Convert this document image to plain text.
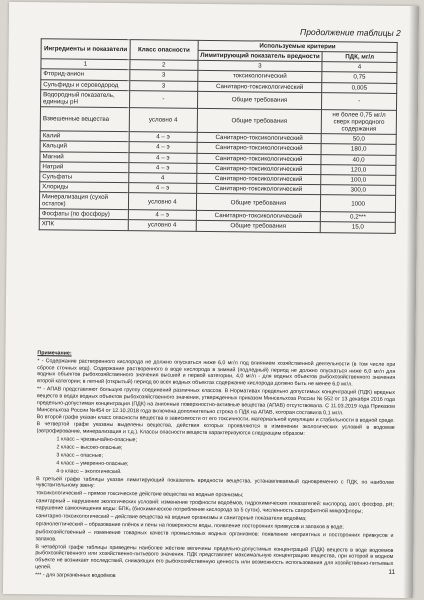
Продолжение таблицы 2
Ингредиенты и показатели	Класс опасности	Используемые критерии	
		Лимитирующий показатель вредности	ПДК, мг/л
1	2	3	4
Фторид-анион	3	токсикологический	0,75
Сульфиды и сероводород	3	Санитарно-токсикологический	0,005
Водородный показатель, единицы pH	-	Общие требования	-
Взвешенные вещества	условно 4	Общие требования	не более 0,75 мг/л сверх природного содержания
Калий	4 – э	Санитарно-токсикологический	50,0
Кальций	4 – э	Санитарно-токсикологический	180,0
Магний	4 – э	Санитарно-токсикологический	40,0
Натрий	4 – э	Санитарно-токсикологический	120,0
Сульфаты	4	Санитарно-токсикологический	100,0
Хлориды	4 – э	Санитарно-токсикологический	300,0
Минерализация (сухой остаток)	условно 4	Общие требования	1000
Фосфаты (по фосфору)	4 – э	Санитарно-токсикологический	0,2***
ХПК	условно 4	Общие требования	15,0

Примечание:

* - Содержание растворенного кислорода не должно опускаться ниже 6,0 мг/л под влиянием хозяйственной деятельности (в том числе при сбросе сточных вод). Содержание растворенного в воде кислорода в зимний (подледный) период не должно опускаться ниже 6,0 мг/л для водных объектов рыбохозяйственного значения высшей и первой категории, 4,0 мг/л - для водных объектов рыбохозяйственного значения второй категории; в летний (открытый) период во всех водных объектах содержание кислорода должно быть не менее 6,0 мг/л.

** - АПАВ представляют большую группу соединений различных классов. В Нормативах предельно допустимых концентраций (ПДК) вредных веществ в водах водных объектов рыбохозяйственного значения, утвержденных приказом Минсельхоза России № 552 от 13 декабря 2016 года предельно-допустимая концентрация (ПДК) на анионные поверхностно-активные вещества (АПАВ) отсутствовала. С 11.03.2019 года Приказом Минсельхоза России №454 от 12.10.2018 года включена дополнительно строка о ПДК на АПАВ, которая составила 0,1 мг/л.

Во второй графе указан класс опасности вещества в зависимости от его токсичности, материальной кумуляции и стабильности в водной среде. В четвертой графе указаны выделены вещества, действия которых проявляются в изменении экологических условий в водоеме (эвтрофирование, минерализация и т.д.). Классы опасности веществ характеризуются следующим образом:

1 класс – чрезвычайно-опасные;

2 класс – высоко-опасные;

3 класс – опасные;

4 класс – умеренно-опасные;

4-э класс – экологический.

В третьей графе таблицы указан лимитирующий показатель вредности вещества, устанавливаемый одновременно с ПДК, по наиболее чувствительному звену:

токсикологический – прямое токсическое действие вещества на водные организмы;

санитарный – нарушение экологических условий: изменение трофности водоёмов, гидрохимических показателей: кислород, азот, фосфор, pH; нарушение самоочищения воды: БПК₅ (биохимическое потребление кислорода за 5 суток), численность сапрофитной микрофлоры;

санитарно-токсикологический – действие вещества на водные организмы и санитарные показатели водоёма;

органолептический – образование плёнок и пены на поверхности воды, появление посторонних привкусов и запахов в воде;

рыбохозяйственный – изменение товарных качеств промысловых водных организмов: появление неприятных и посторонних привкусов и запахов.

В четвёртой графе таблицы приведены наиболее жёсткие величины предельно-допустимых концентраций (ПДК) веществ в воде водоемов рыбохозяйственного или хозяйственно-питьевого значения. ПДК представляет максимальную концентрацию вещества, при которой в водном объекте не возникает последствий, снижающих его рыбохозяйственную ценность или возможность использования для хозяйственно-питьевых целей.

*** - для загрязнённых водоёмов	11
